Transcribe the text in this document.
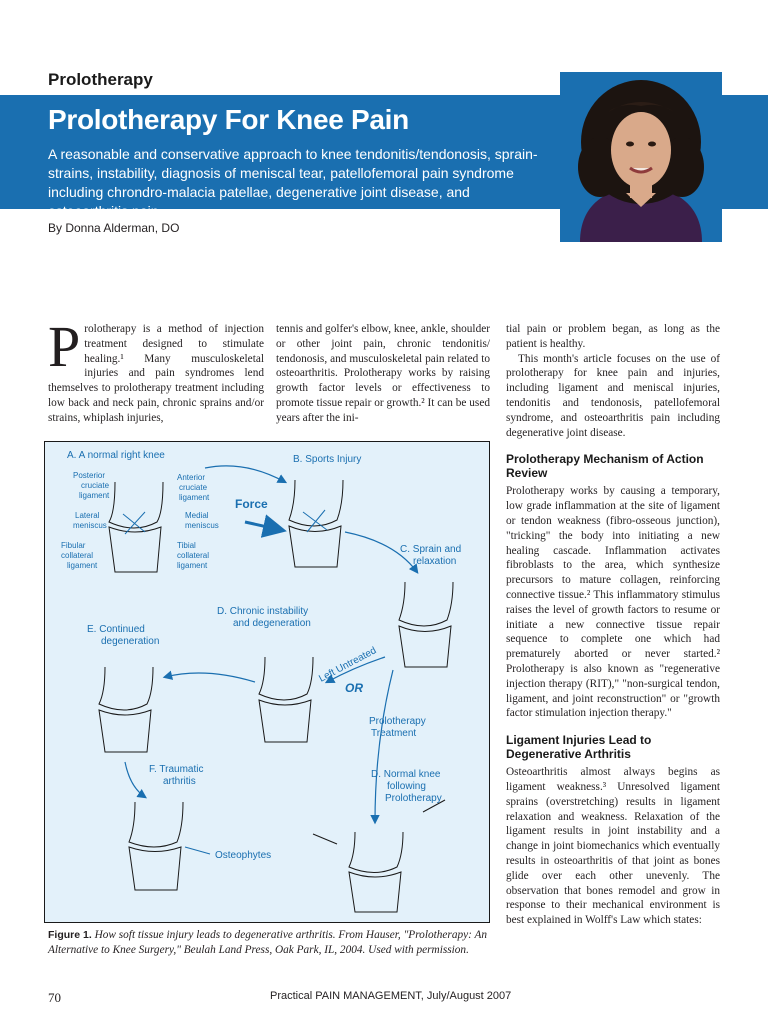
Prolotherapy
Prolotherapy For Knee Pain
A reasonable and conservative approach to knee tendonitis/tendonosis, sprain-strains, instability, diagnosis of meniscal tear, patellofemoral pain syndrome including chrondro-malacia patellae, degenerative joint disease, and osteoarthritis pain
By Donna Alderman, DO

Prolotherapy is a method of injection treatment designed to stimulate healing.¹ Many musculoskeletal injuries and pain syndromes lend themselves to prolotherapy treatment including low back and neck pain, chronic sprains and/or strains, whiplash injuries,

tennis and golfer's elbow, knee, ankle, shoulder or other joint pain, chronic tendonitis/ tendonosis, and musculoskeletal pain related to osteoarthritis. Prolotherapy works by raising growth factor levels or effectiveness to promote tissue repair or growth.² It can be used years after the ini-

tial pain or problem began, as long as the patient is healthy.

This month's article focuses on the use of prolotherapy for knee pain and injuries, including ligament and meniscal injuries, tendonitis and tendonosis, patellofemoral syndrome, and osteoarthritis pain including degenerative joint disease.

Prolotherapy Mechanism of Action Review

Prolotherapy works by causing a temporary, low grade inflammation at the site of ligament or tendon weakness (fibro-osseous junction), "tricking" the body into initiating a new healing cascade. Inflammation activates fibroblasts to the area, which synthesize precursors to mature collagen, reinforcing connective tissue.² This inflammatory stimulus raises the level of growth factors to resume or initiate a new connective tissue repair sequence to complete one which had prematurely aborted or never started.² Prolotherapy is also known as "regenerative injection therapy (RIT)," "non-surgical tendon, ligament, and joint reconstruction" or "growth factor stimulation injection therapy."

Ligament Injuries Lead to Degenerative Arthritis

Osteoarthritis almost always begins as ligament weakness.³ Unresolved ligament sprains (overstretching) results in ligament relaxation and weakness. Relaxation of the ligament results in joint instability and a change in joint biomechanics which eventually results in osteoarthritis of that joint as bones glide over each other unevenly. The observation that bones remodel and grow in response to their mechanical environment is best explained in Wolff's Law which states:

A. A normal right knee	B. Sports Injury
C. Sprain and
relaxation
D. Chronic instability
and degeneration
E. Continued
degeneration
F. Traumatic
arthritis
D. Normal knee
following
Prolotherapy
Prolotherapy
Treatment
Force
Left Untreated
OR
Osteophytes
Posterior
cruciate
ligament
Anterior
cruciate
ligament
Lateral
meniscus
Medial
meniscus
Fibular
collateral
ligament
Tibial
collateral
ligament
Figure 1. How soft tissue injury leads to degenerative arthritis. From Hauser, "Prolotherapy: An Alternative to Knee Surgery," Beulah Land Press, Oak Park, IL, 2004. Used with permission.
70	Practical PAIN MANAGEMENT, July/August 2007
